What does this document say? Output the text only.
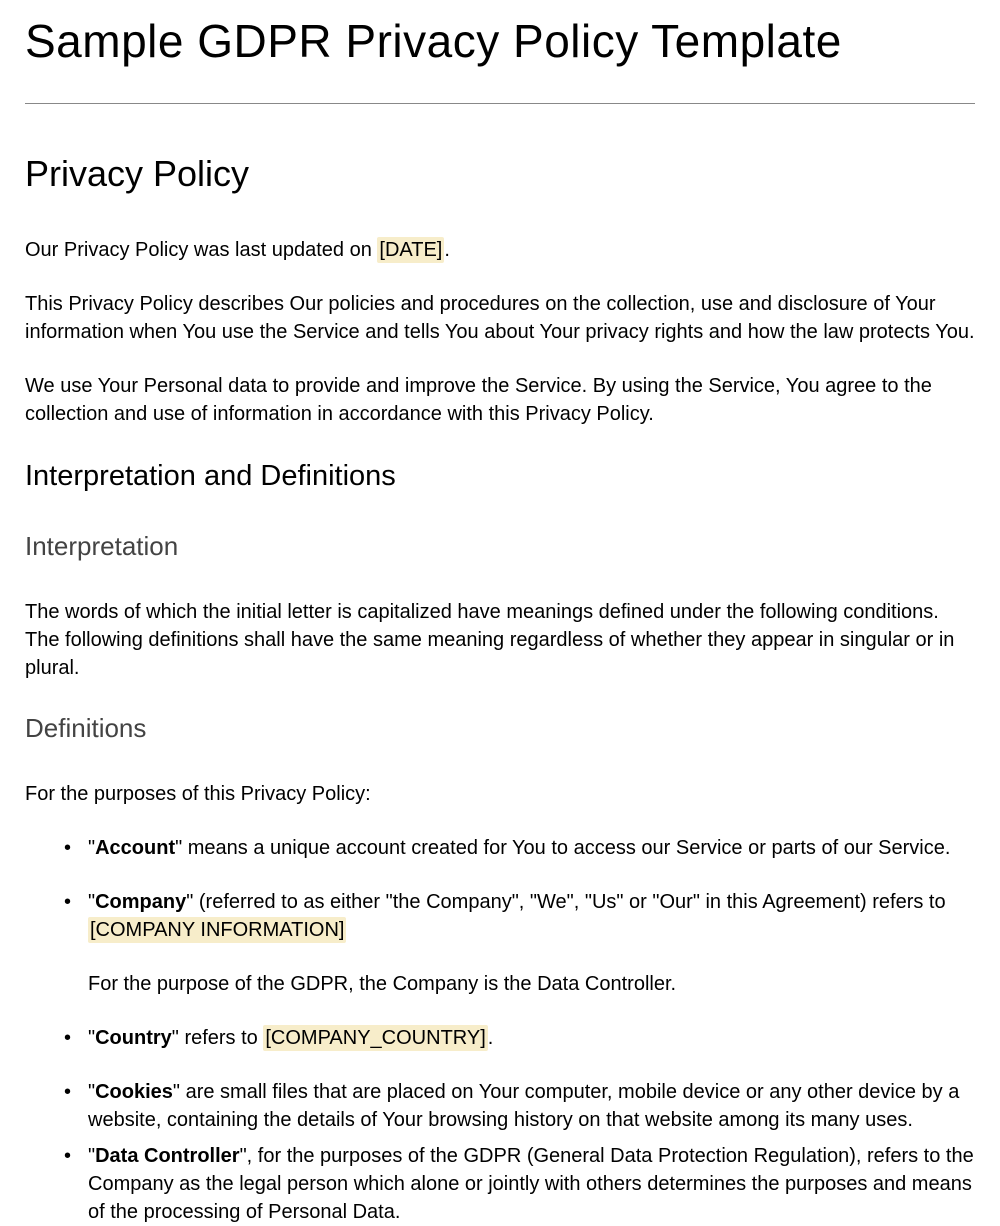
Sample GDPR Privacy Policy Template
Privacy Policy

Our Privacy Policy was last updated on [DATE] .

This Privacy Policy describes Our policies and procedures on the collection, use and disclosure of Your information when You use the Service and tells You about Your privacy rights and how the law protects You.

We use Your Personal data to provide and improve the Service. By using the Service, You agree to the collection and use of information in accordance with this Privacy Policy.

Interpretation and Definitions
Interpretation

The words of which the initial letter is capitalized have meanings defined under the following conditions. The following definitions shall have the same meaning regardless of whether they appear in singular or in plural.

Definitions

For the purposes of this Privacy Policy:

• "Account" means a unique account created for You to access our Service or parts of our Service.
• "Company" (referred to as either "the Company", "We", "Us" or "Our" in this Agreement) refers to [COMPANY INFORMATION]

For the purpose of the GDPR, the Company is the Data Controller.

• "Country" refers to [COMPANY_COUNTRY] .
• "Cookies" are small files that are placed on Your computer, mobile device or any other device by a website, containing the details of Your browsing history on that website among its many uses.
• "Data Controller", for the purposes of the GDPR (General Data Protection Regulation), refers to the Company as the legal person which alone or jointly with others determines the purposes and means of the processing of Personal Data.
